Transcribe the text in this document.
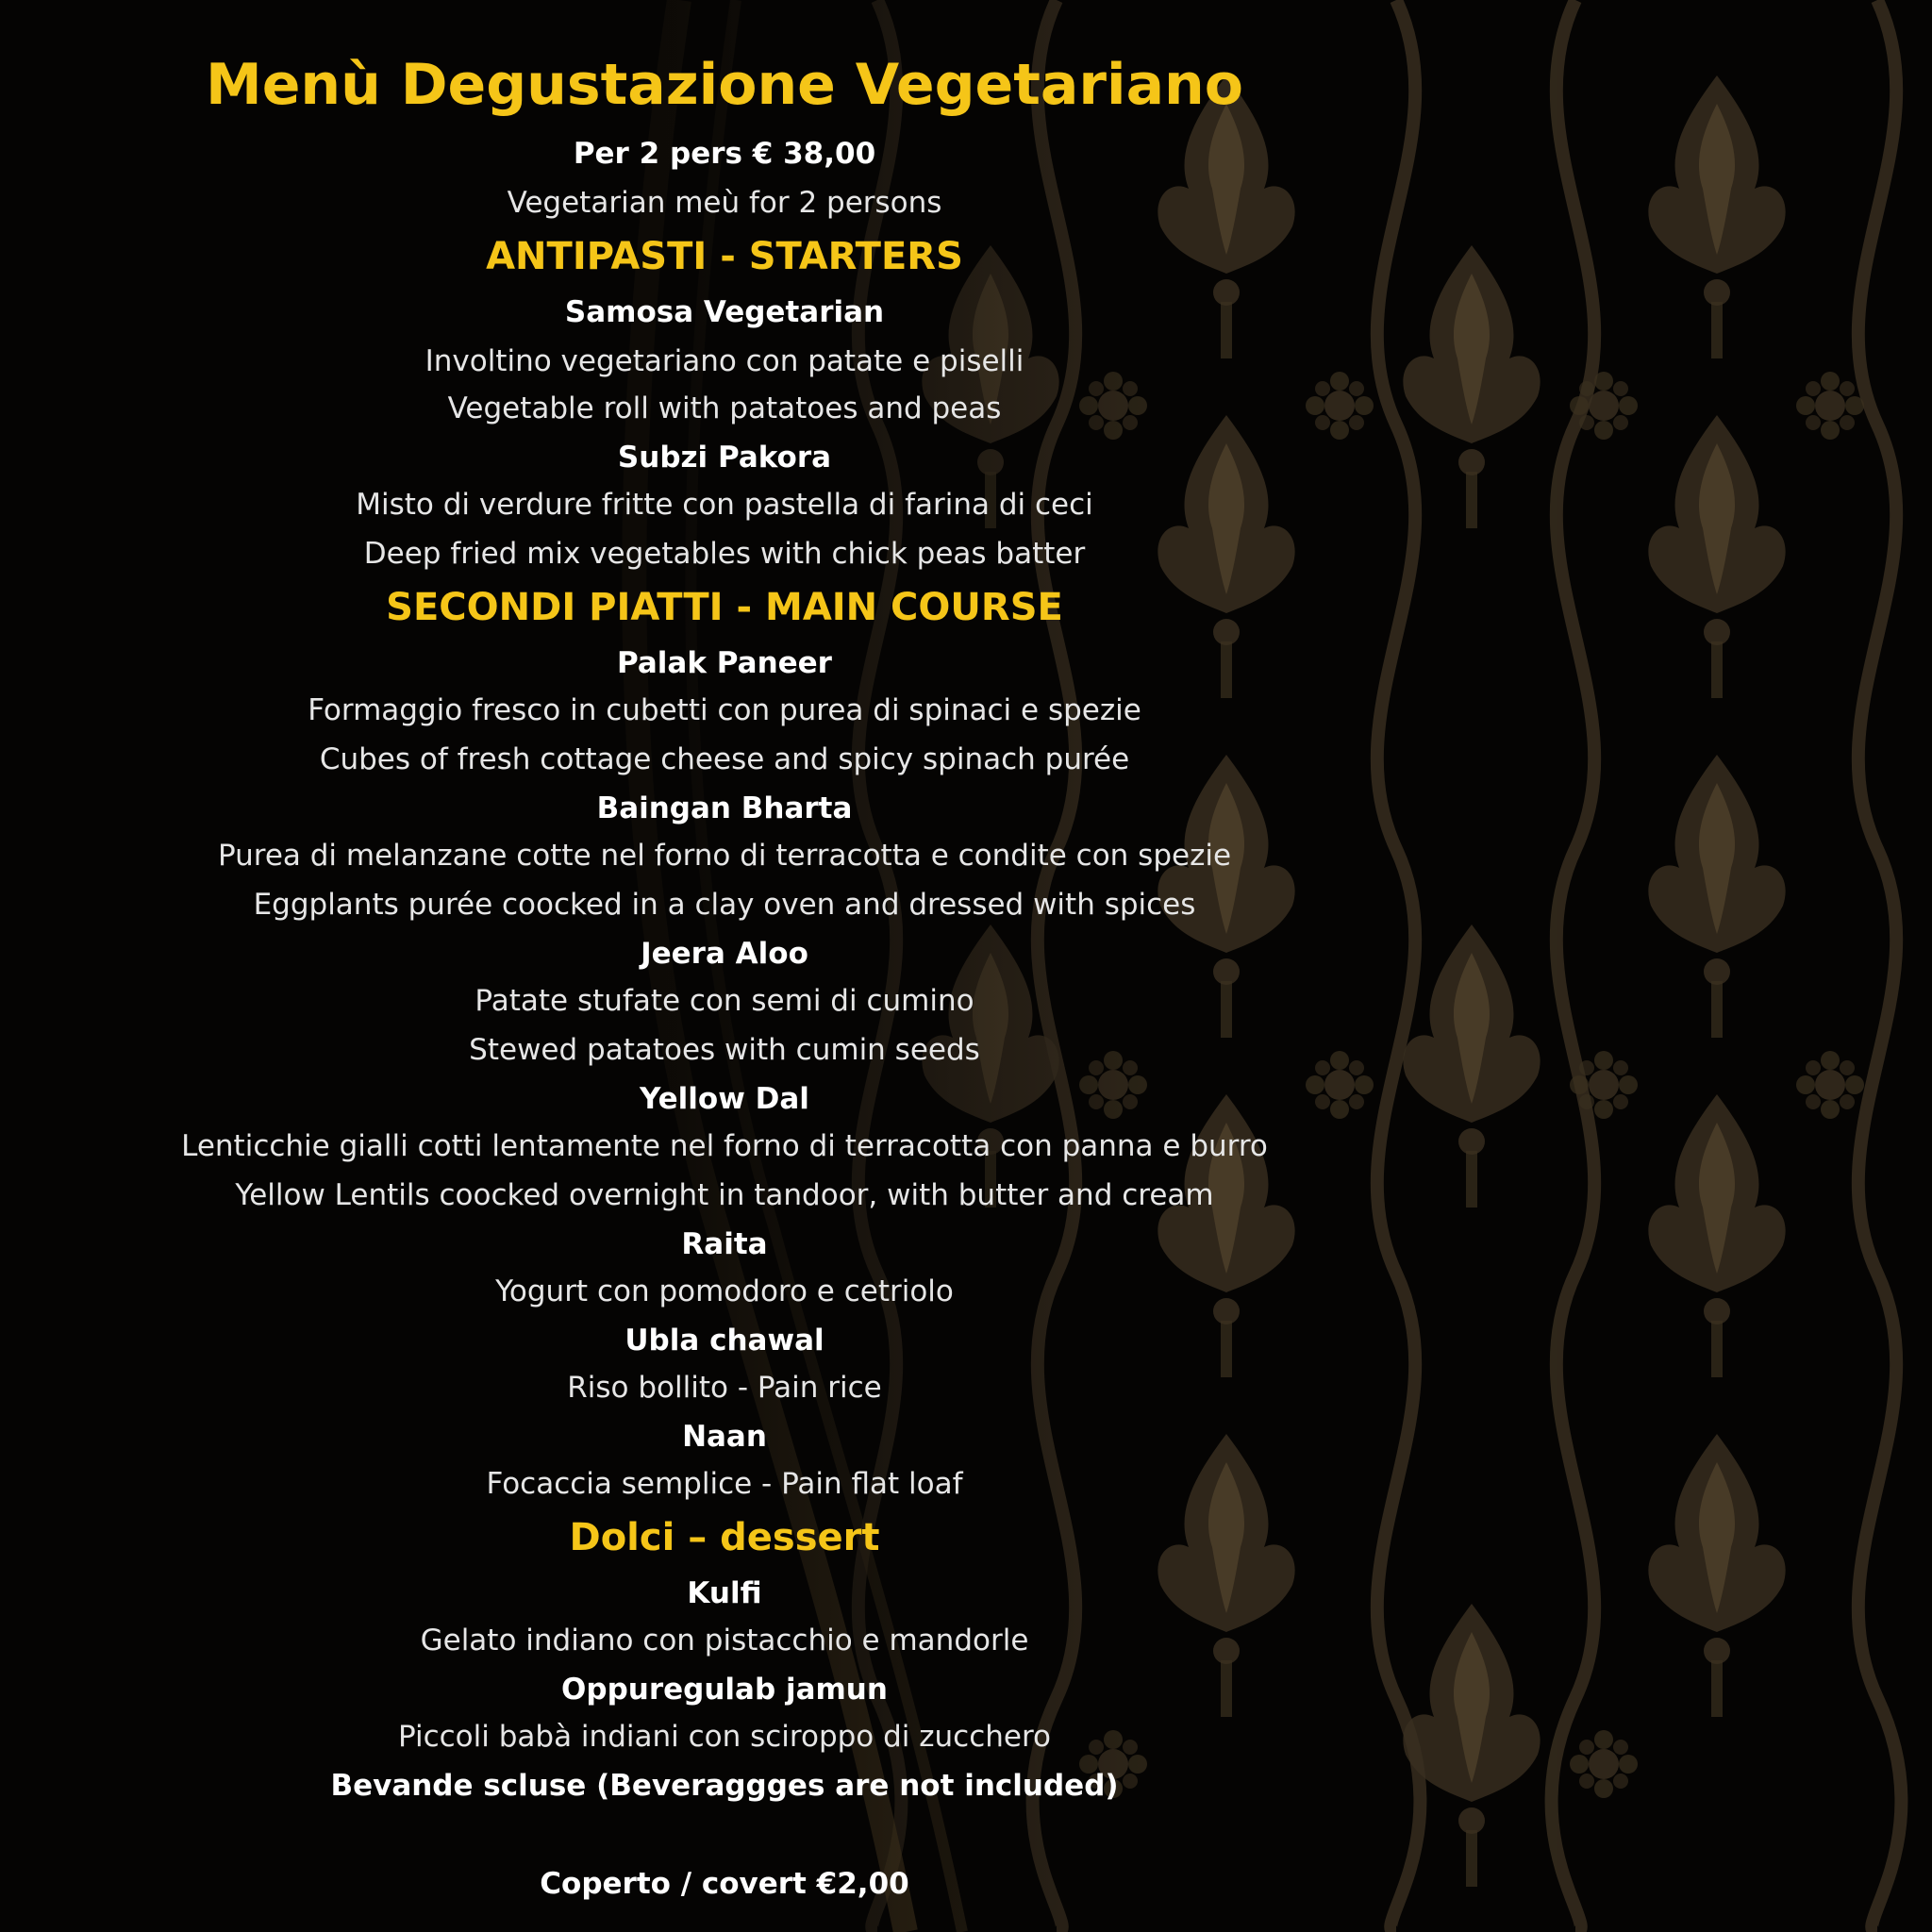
Menù Degustazione Vegetariano
Per 2 pers € 38,00
Vegetarian meù for 2 persons
ANTIPASTI - STARTERS
Samosa Vegetarian
Involtino vegetariano con patate e piselli
Vegetable roll with patatoes and peas
Subzi Pakora
Misto di verdure fritte con pastella di farina di ceci
Deep fried mix vegetables with chick peas batter
SECONDI PIATTI - MAIN COURSE
Palak Paneer
Formaggio fresco in cubetti con purea di spinaci e spezie
Cubes of fresh cottage cheese and spicy spinach purée
Baingan Bharta
Purea di melanzane cotte nel forno di terracotta e condite con spezie
Eggplants purée coocked in a clay oven and dressed with spices
Jeera Aloo
Patate stufate con semi di cumino
Stewed patatoes with cumin seeds
Yellow Dal
Lenticchie gialli cotti lentamente nel forno di terracotta con panna e burro
Yellow Lentils coocked overnight in tandoor, with butter and cream
Raita
Yogurt con pomodoro e cetriolo
Ubla chawal
Riso bollito - Pain rice
Naan
Focaccia semplice - Pain flat loaf
Dolci – dessert
Kulfi
Gelato indiano con pistacchio e mandorle
Oppuregulab jamun
Piccoli babà indiani con sciroppo di zucchero
Bevande scluse (Beveraggges are not included)
Coperto / covert €2,00
